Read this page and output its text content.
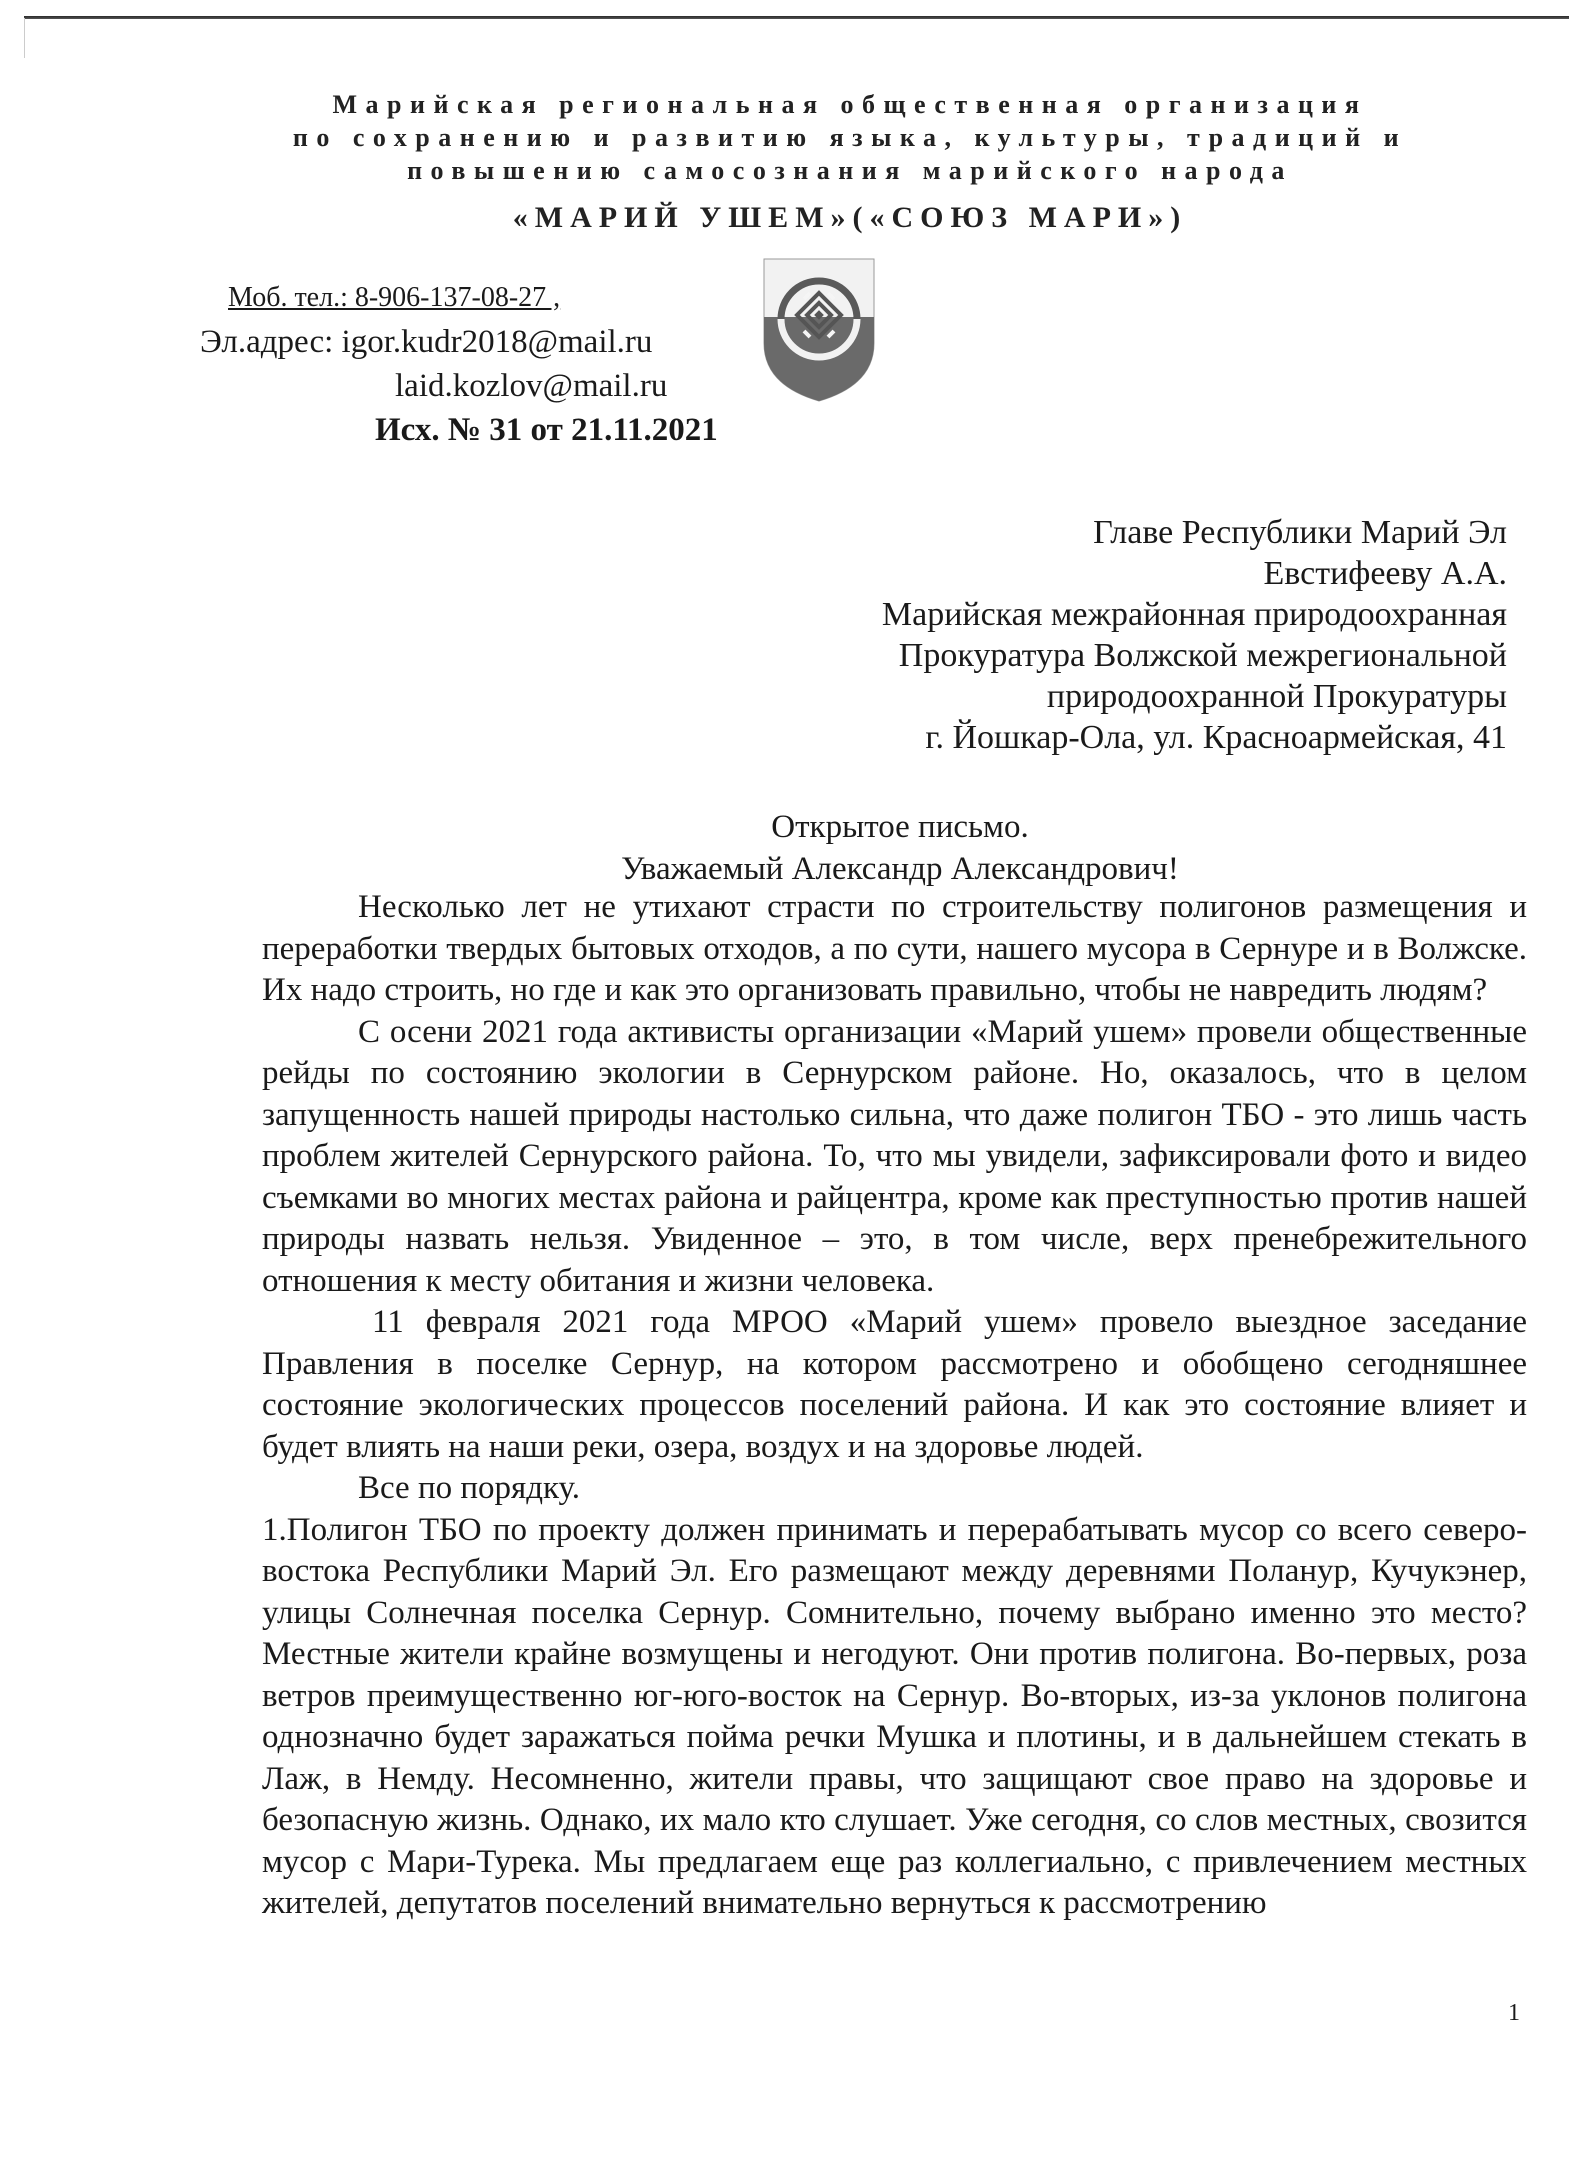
Марийская региональная общественная организация
по сохранению и развитию языка, культуры, традиций и
повышению самосознания марийского народа
«МАРИЙ УШЕМ»(«СОЮЗ МАРИ»)
Моб. тел.: 8-906-137-08-27 ,
Эл.адрес: igor.kudr2018@mail.ru
laid.kozlov@mail.ru
Исх. № 31 от 21.11.2021
Главе Республики Марий Эл
Евстифееву А.А.
Марийская межрайонная природоохранная
Прокуратура Волжской межрегиональной
природоохранной Прокуратуры
г. Йошкар-Ола, ул. Красноармейская, 41
Открытое письмо.
Уважаемый Александр Александрович!

Несколько лет не утихают страсти по строительству полигонов размещения и переработки твердых бытовых отходов, а по сути, нашего мусора в Сернуре и в Волжске. Их надо строить, но где и как это организовать правильно, чтобы не навредить людям?

С осени 2021 года активисты организации «Марий ушем» провели общественные рейды по состоянию экологии в Сернурском районе. Но, оказалось, что в целом запущенность нашей природы настолько сильна, что даже полигон ТБО - это лишь часть проблем жителей Сернурского района. То, что мы увидели, зафиксировали фото и видео съемками во многих местах района и райцентра, кроме как преступностью против нашей природы назвать нельзя. Увиденное – это, в том числе, верх пренебрежительного отношения к месту обитания и жизни человека.

11 февраля 2021 года МРОО «Марий ушем» провело выездное заседание Правления в поселке Сернур, на котором рассмотрено и обобщено сегодняшнее состояние экологических процессов поселений района. И как это состояние влияет и будет влиять на наши реки, озера, воздух и на здоровье людей.

Все по порядку.

1.Полигон ТБО по проекту должен принимать и перерабатывать мусор со всего северо-востока Республики Марий Эл. Его размещают между деревнями Поланур, Кучукэнер, улицы Солнечная поселка Сернур. Сомнительно, почему выбрано именно это место? Местные жители крайне возмущены и негодуют. Они против полигона. Во-первых, роза ветров преимущественно юг-юго-восток на Сернур. Во-вторых, из-за уклонов полигона однозначно будет заражаться пойма речки Мушка и плотины, и в дальнейшем стекать в Лаж, в Немду. Несомненно, жители правы, что защищают свое право на здоровье и безопасную жизнь. Однако, их мало кто слушает. Уже сегодня, со слов местных, свозится мусор с Мари-Турека. Мы предлагаем еще раз коллегиально, с привлечением местных жителей, депутатов поселений внимательно вернуться к рассмотрению

1
